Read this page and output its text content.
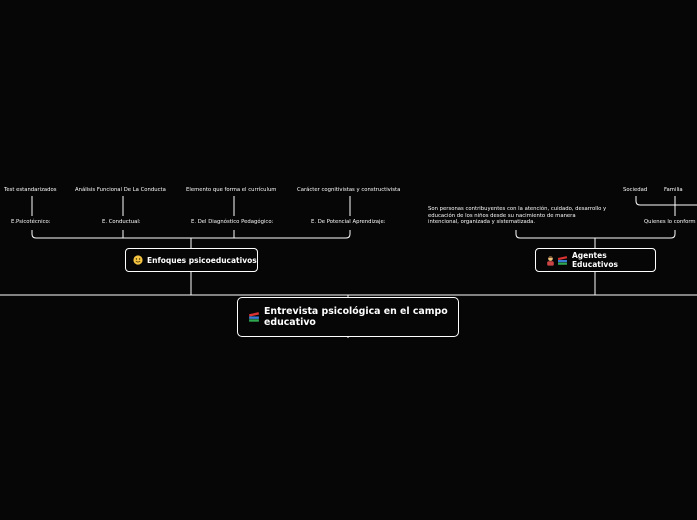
Test estandarizados	Análisis Funcional De La Conducta	Elemento que forma el currículum	Carácter cognitivistas y constructivista
E.Psicotécnico:	E. Conductual:	E. Del Diagnóstico Pedagógico:	E. De Potencial Aprendizaje:
Enfoques psicoeducativos
Sociedad	Familia
Son personas contribuyentes con la atención, cuidado, desarrollo y educación de los niños desde su nacimiento de manera intencional, organizada y sistematizada.	Quienes lo conform
Agentes Educativos
Entrevista psicológica en el campo educativo
